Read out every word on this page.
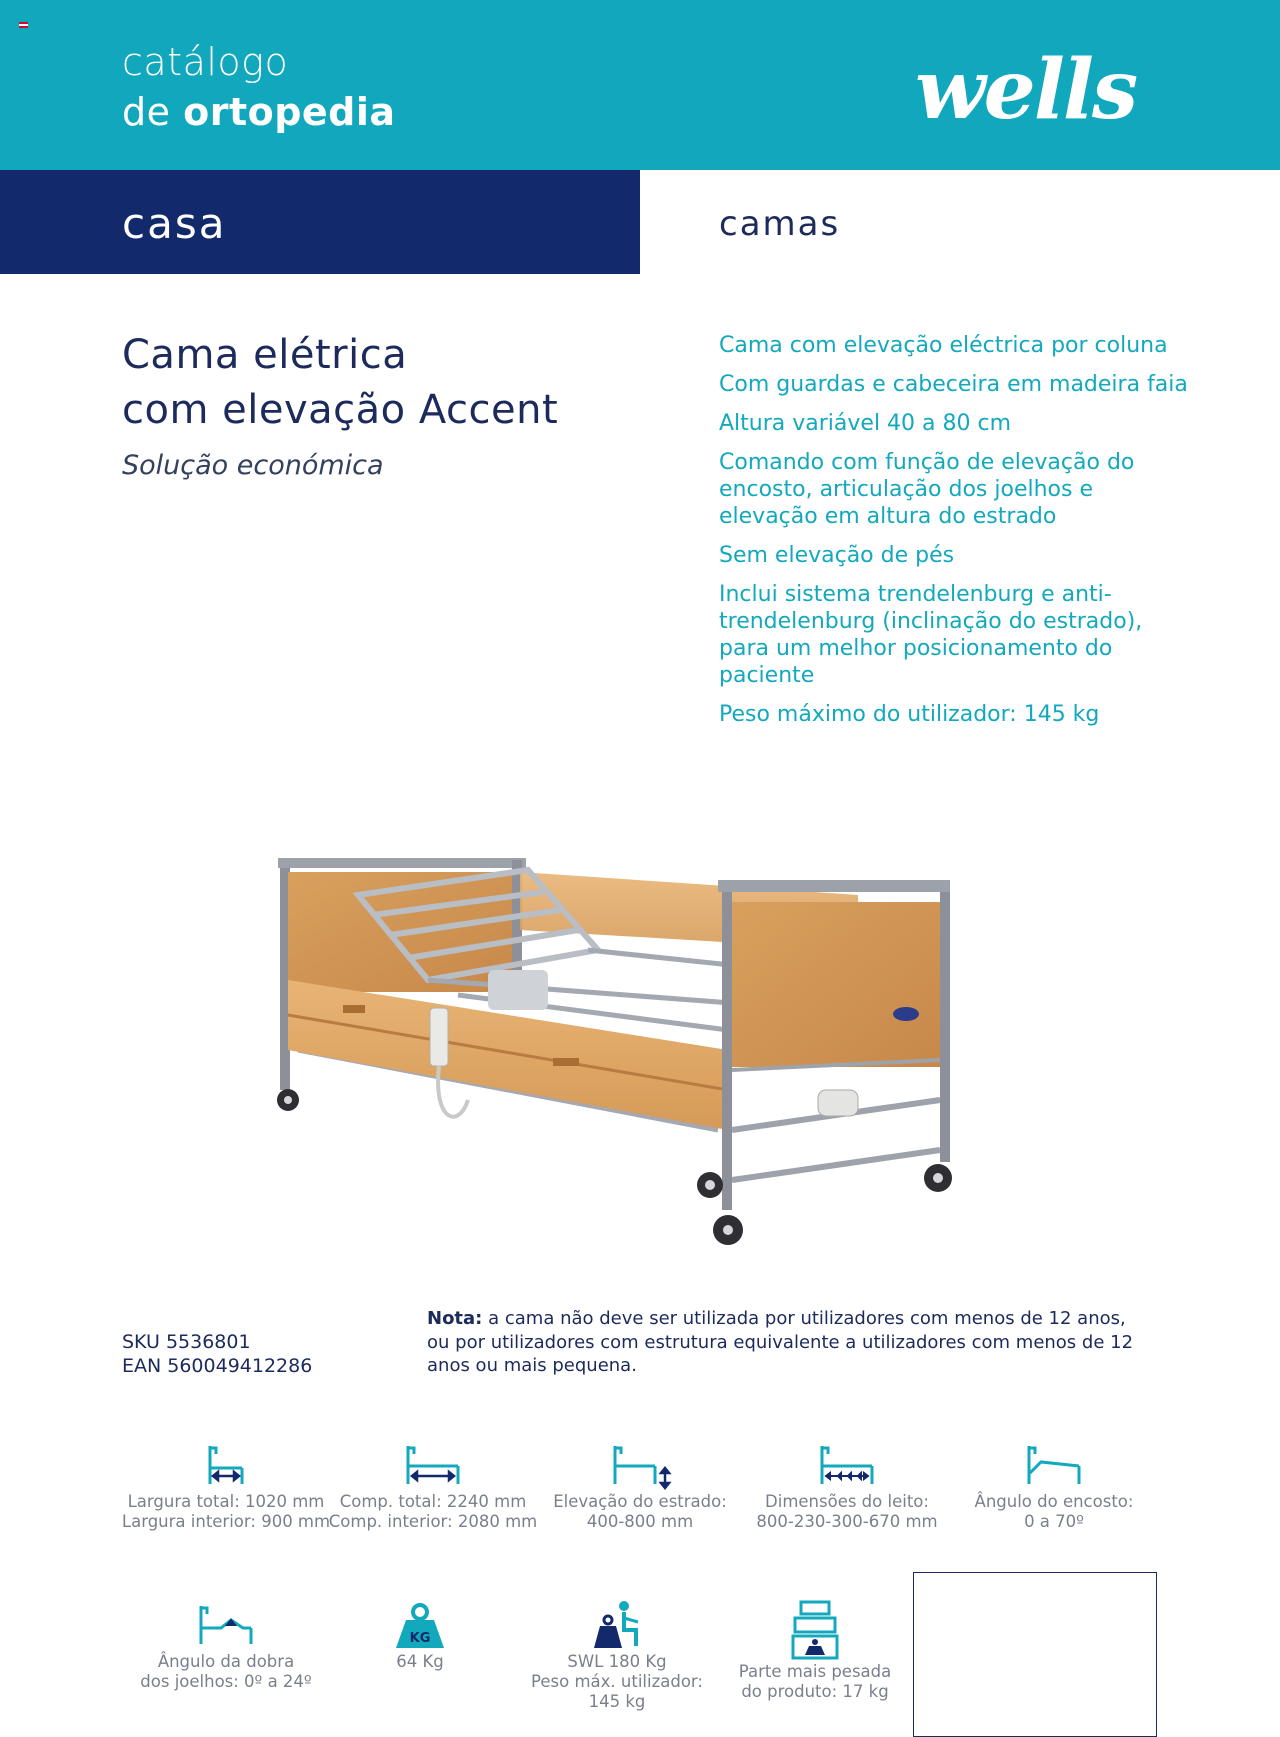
catálogo
de ortopedia	wells
casa	camas
Cama elétrica
com elevação Accent
Solução económica
Cama com elevação eléctrica por coluna
Com guardas e cabeceira em madeira faia
Altura variável 40 a 80 cm
Comando com função de elevação do encosto, articulação dos joelhos e elevação em altura do estrado
Sem elevação de pés
Inclui sistema trendelenburg e anti-trendelenburg (inclinação do estrado), para um melhor posicionamento do paciente
Peso máximo do utilizador: 145 kg
SKU 5536801
EAN 560049412286
Nota: a cama não deve ser utilizada por utilizadores com menos de 12 anos, ou por utilizadores com estrutura equivalente a utilizadores com menos de 12 anos ou mais pequena.
Largura total: 1020 mm
Largura interior: 900 mm
Comp. total: 2240 mm
Comp. interior: 2080 mm
Elevação do estrado:
400-800 mm
Dimensões do leito:
800-230-300-670 mm
Ângulo do encosto:
0 a 70º
Ângulo da dobra
dos joelhos: 0º a 24º
KG
64 Kg	SWL 180 Kg
Peso máx. utilizador:
145 kg
Parte mais pesada
do produto: 17 kg
